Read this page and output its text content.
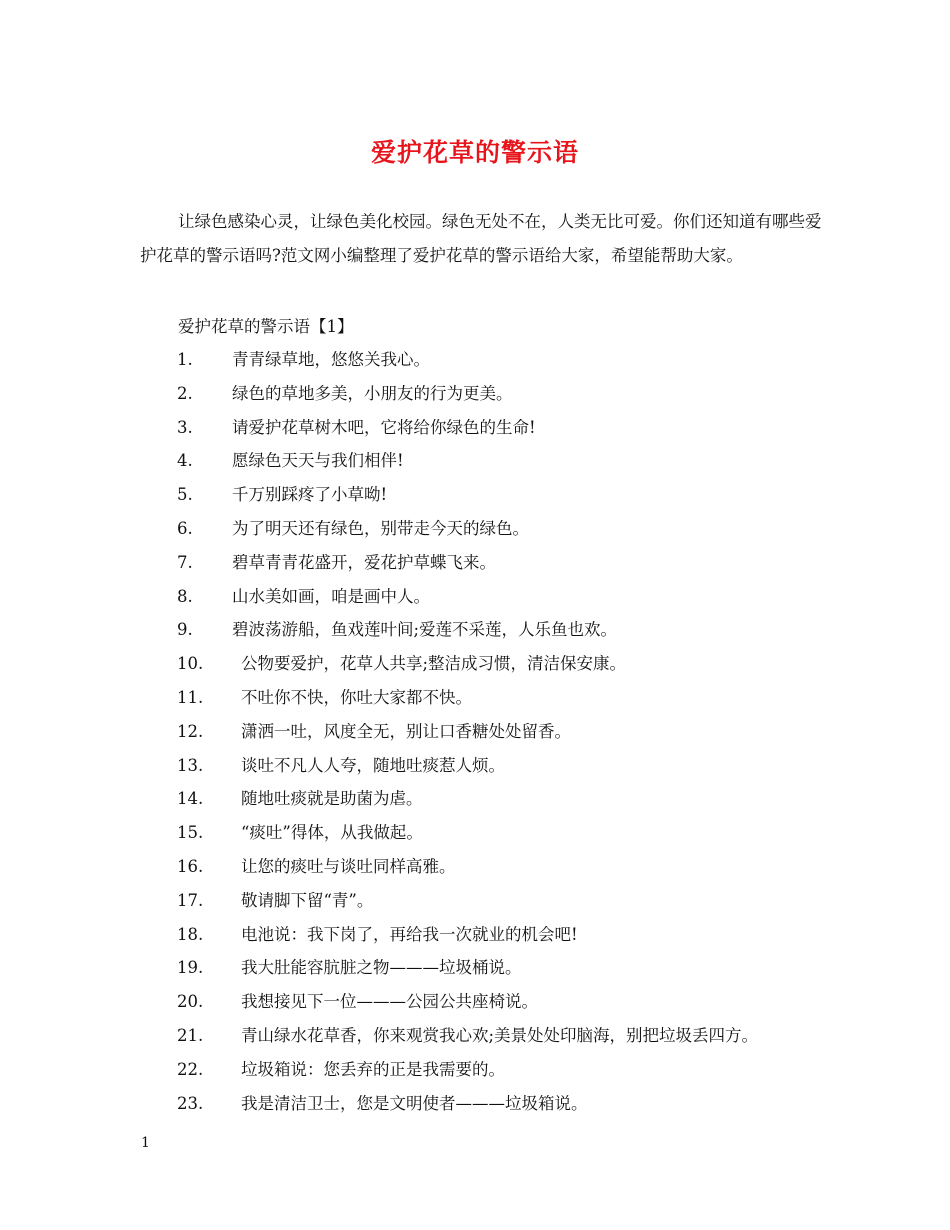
爱护花草的警示语

让绿色感染心灵，让绿色美化校园。绿色无处不在，人类无比可爱。你们还知道有哪些爱护花草的警示语吗?范文网小编整理了爱护花草的警示语给大家，希望能帮助大家。

爱护花草的警示语【1】
1. 青青绿草地，悠悠关我心。
2. 绿色的草地多美，小朋友的行为更美。
3. 请爱护花草树木吧，它将给你绿色的生命!
4. 愿绿色天天与我们相伴!
5. 千万别踩疼了小草呦!
6. 为了明天还有绿色，别带走今天的绿色。
7. 碧草青青花盛开，爱花护草蝶飞来。
8. 山水美如画，咱是画中人。
9. 碧波荡游船，鱼戏莲叶间;爱莲不采莲，人乐鱼也欢。
10. 公物要爱护，花草人共享;整洁成习惯，清洁保安康。
11. 不吐你不快，你吐大家都不快。
12. 潇洒一吐，风度全无，别让口香糖处处留香。
13. 谈吐不凡人人夸，随地吐痰惹人烦。
14. 随地吐痰就是助菌为虐。
15. “痰吐”得体，从我做起。
16. 让您的痰吐与谈吐同样高雅。
17. 敬请脚下留“青”。
18. 电池说：我下岗了，再给我一次就业的机会吧!
19. 我大肚能容肮脏之物———垃圾桶说。
20. 我想接见下一位———公园公共座椅说。
21. 青山绿水花草香，你来观赏我心欢;美景处处印脑海，别把垃圾丢四方。
22. 垃圾箱说：您丢弃的正是我需要的。
23. 我是清洁卫士，您是文明使者———垃圾箱说。
1
